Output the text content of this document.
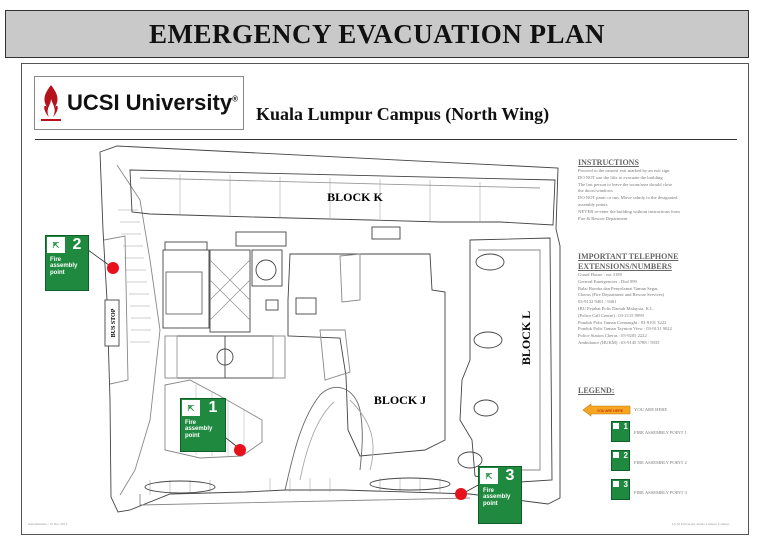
EMERGENCY EVACUATION PLAN
UCSI University®
Kuala Lumpur Campus (North Wing)
BLOCK K
BLOCK J
BLOCK L
BUS STOP
⇱ 2
Fire
assembly
point
⇱ 1
Fire
assembly
point
⇱ 3
Fire
assembly
point
INSTRUCTIONS

Proceed to the nearest exit marked by an exit sign

DO NOT use the lifts to evacuate the building

The last person to leave the room/area should close

the doors/windows

DO NOT panic or run. Move calmly to the designated

assembly points

NEVER re-enter the building without instructions from

Fire & Rescue Department

IMPORTANT TELEPHONE
EXTENSIONS/NUMBERS

Guard House : ext 3189

General Emergencies : Dial 999

Balai Bomba dan Penyelamat Taman Segar,

Cheras (Fire Department and Rescue Services)

03-9132 9401 / 9401

IBU Pejabat Polis Daerah Malaysia, K.L.

(Police Call Centre) : 03-2115 9999

Pondok Polis Taman Connaught : 03-9101 3222

Pondok Polis Taman Taynton View : 03-9131 9022

Police Station Cheras : 03-9205 2222

Ambulance (HUKM) : 03-9145 5788 / 5935

LEGEND:
YOU ARE HERE YOU ARE HERE
1
FIRE ASSEMBLY POINT 1
2
FIRE ASSEMBLY POINT 2
3
FIRE ASSEMBLY POINT 3
Amendments : 19 Dec 2013	UCSI University Kuala Lumpur Campus
